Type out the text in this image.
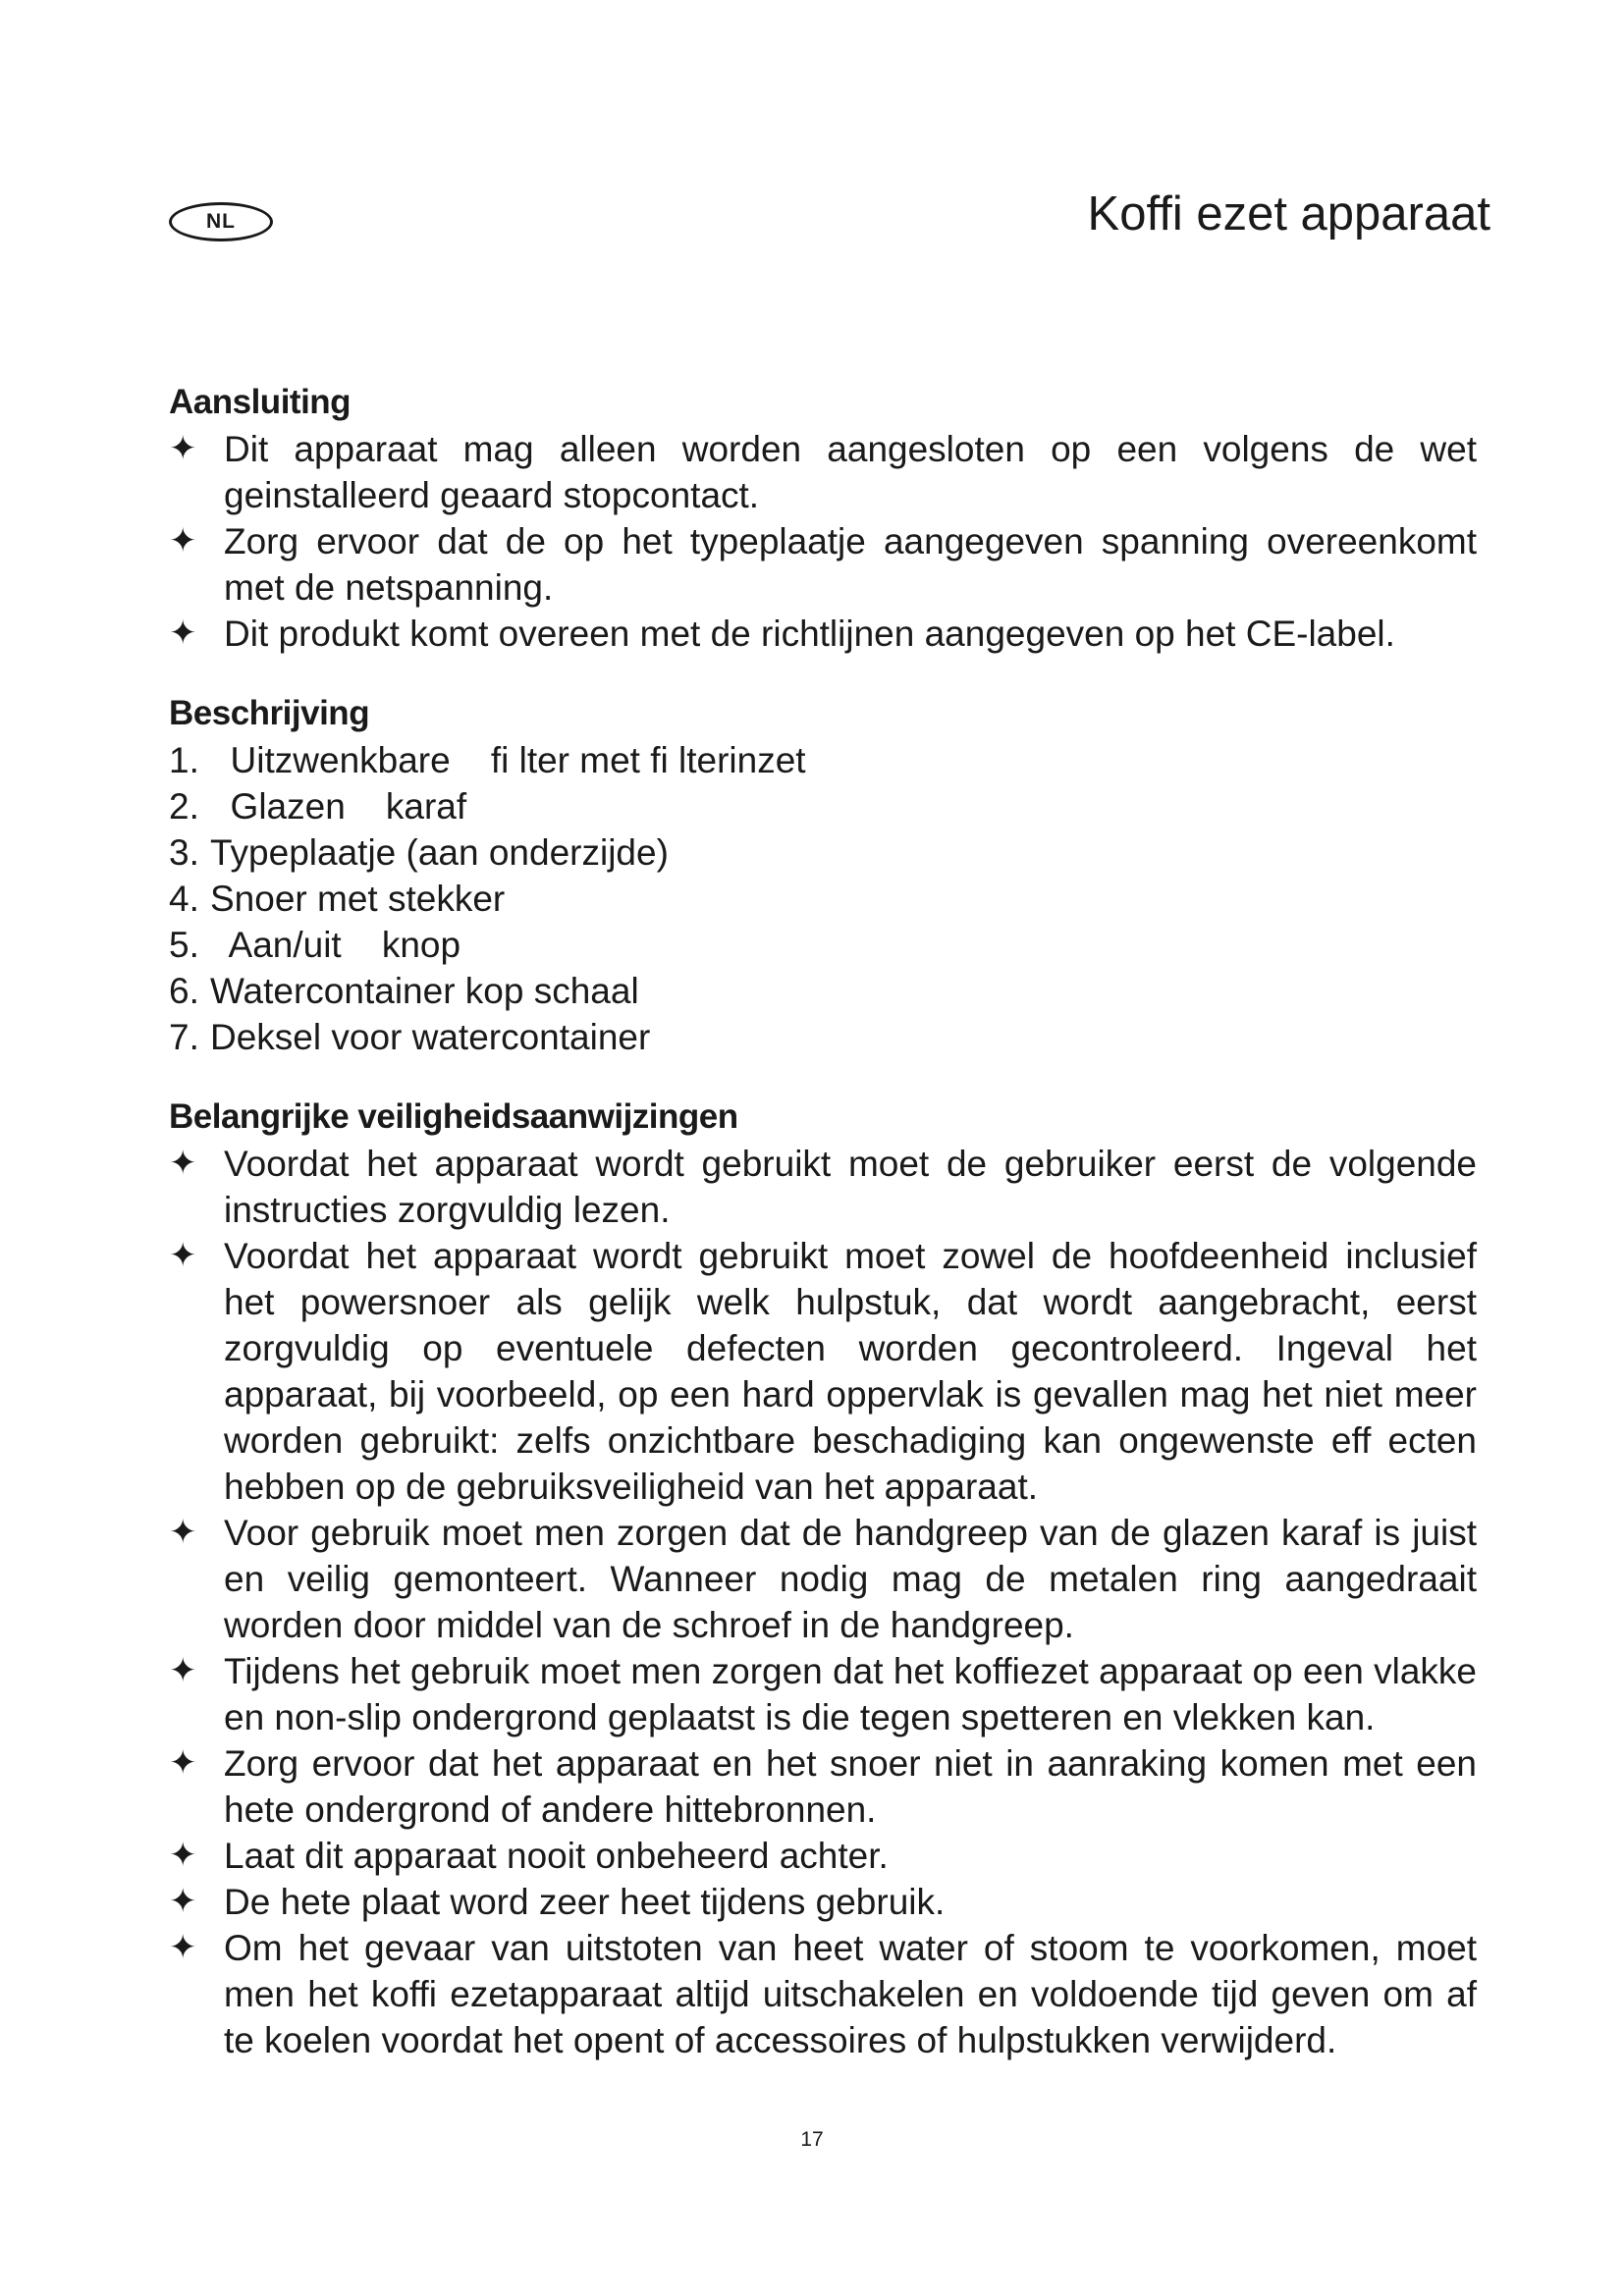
NL	Koffi ezet apparaat
Aansluiting
✦ Dit apparaat mag alleen worden aangesloten op een volgens de wet geinstalleerd geaard stopcontact.
✦ Zorg ervoor dat de op het typeplaatje aangegeven spanning overeenkomt met de netspanning.
✦ Dit produkt komt overeen met de richtlijnen aangegeven op het CE-label.
Beschrijving
1.  Uitzwenkbare    fi lter met fi lterinzet
2.  Glazen    karaf
3. Typeplaatje (aan onderzijde)
4. Snoer met stekker
5.  Aan/uit    knop
6. Watercontainer kop schaal
7. Deksel voor watercontainer
Belangrijke veiligheidsaanwijzingen
✦ Voordat het apparaat wordt gebruikt moet de gebruiker eerst de volgende instructies zorgvuldig lezen.
✦ Voordat het apparaat wordt gebruikt moet zowel de hoofdeenheid inclusief het powersnoer als gelijk welk hulpstuk, dat wordt aangebracht, eerst zorgvuldig op eventuele defecten worden gecontroleerd. Ingeval het apparaat, bij voorbeeld, op een hard oppervlak is gevallen mag het niet meer worden gebruikt: zelfs onzichtbare beschadiging kan ongewenste eff ecten hebben op de gebruiksveiligheid van het apparaat.
✦ Voor gebruik moet men zorgen dat de handgreep van de glazen karaf is juist en veilig gemonteert. Wanneer nodig mag de metalen ring aangedraait worden door middel van de schroef in de handgreep.
✦ Tijdens het gebruik moet men zorgen dat het koffiezet apparaat op een vlakke en non-slip ondergrond geplaatst is die tegen spetteren en vlekken kan.
✦ Zorg ervoor dat het apparaat en het snoer niet in aanraking komen met een hete ondergrond of andere hittebronnen.
✦ Laat dit apparaat nooit onbeheerd achter.
✦ De hete plaat word zeer heet tijdens gebruik.
✦ Om het gevaar van uitstoten van heet water of stoom te voorkomen, moet men het koffi ezetapparaat altijd uitschakelen en voldoende tijd geven om af te koelen voordat het opent of accessoires of hulpstukken verwijderd.
17
